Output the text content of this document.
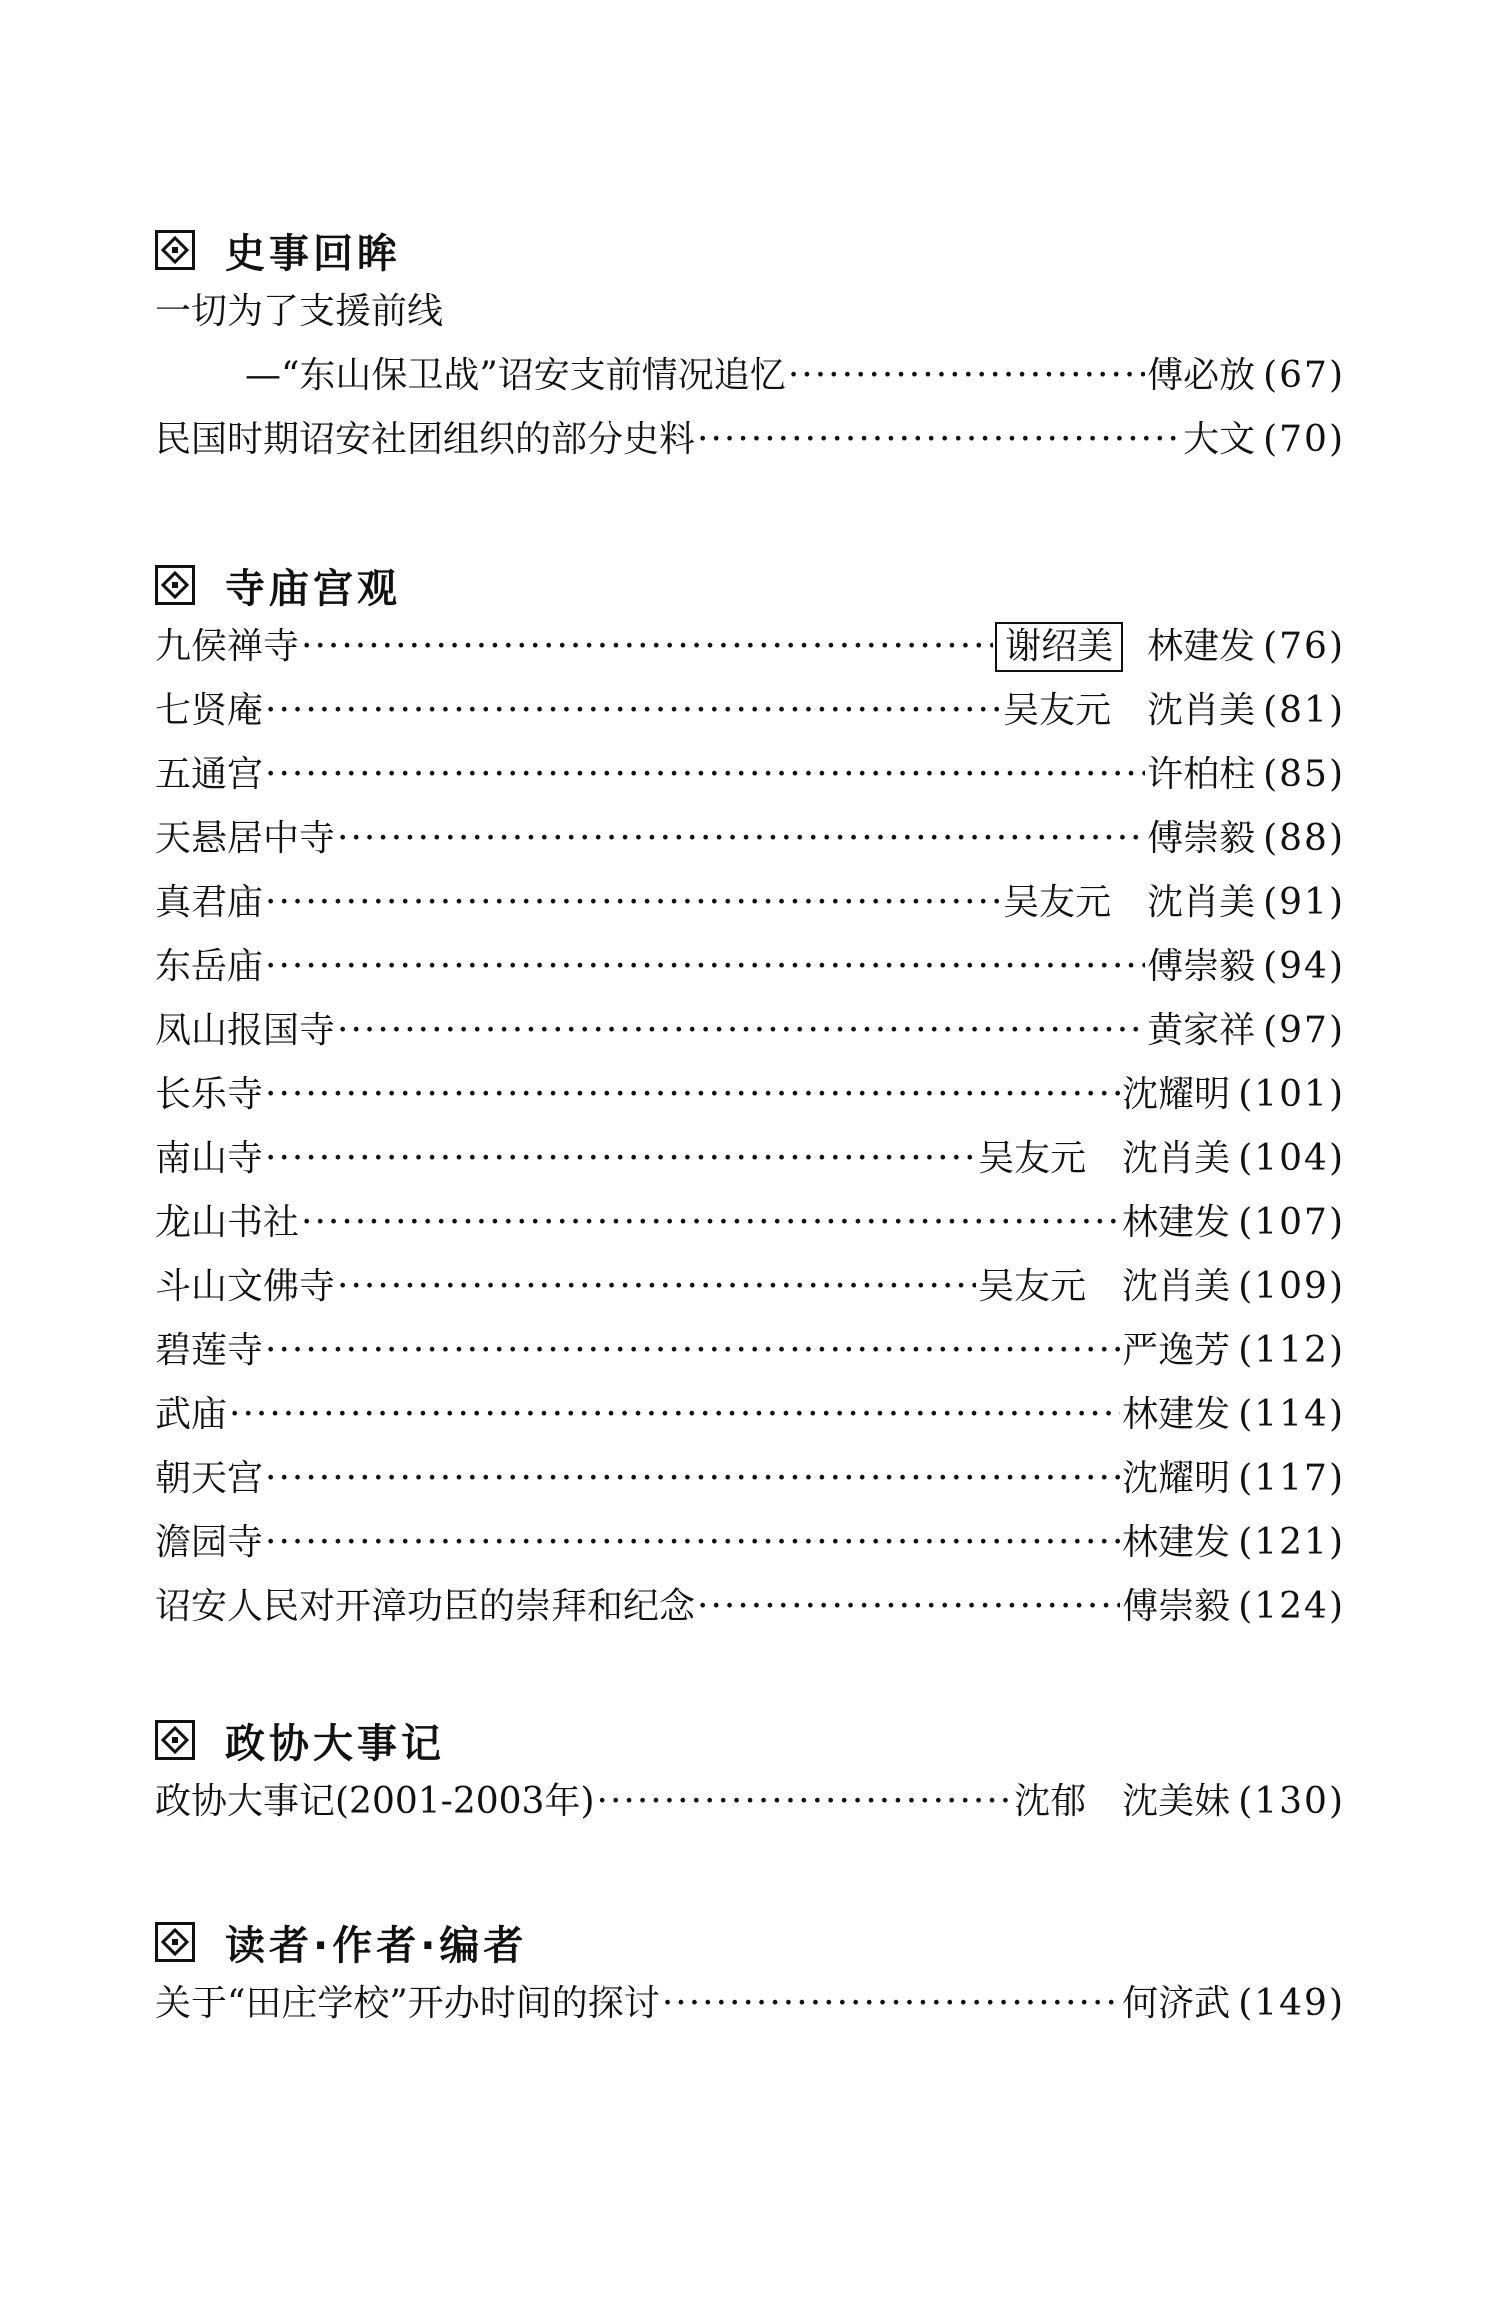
史事回眸
一切为了支援前线
—“东山保卫战”诏安支前情况追忆 ·····	傅必放 (67)
民国时期诏安社团组织的部分史料 ·····	大文 (70)
寺庙宫观
九侯禅寺 ·····	谢绍美 林建发 (76)
七贤庵 ·····	吴友元 沈肖美 (81)
五通宫 ·····	许柏柱 (85)
天悬居中寺 ·····	傅崇毅 (88)
真君庙 ·····	吴友元 沈肖美 (91)
东岳庙 ·····	傅崇毅 (94)
凤山报国寺 ·····	黄家祥 (97)
长乐寺 ·····	沈耀明 (101)
南山寺 ·····	吴友元 沈肖美 (104)
龙山书社 ·····	林建发 (107)
斗山文佛寺 ·····	吴友元 沈肖美 (109)
碧莲寺 ·····	严逸芳 (112)
武庙 ·····	林建发 (114)
朝天宫 ·····	沈耀明 (117)
澹园寺 ·····	林建发 (121)
诏安人民对开漳功臣的崇拜和纪念 ·····	傅崇毅 (124)
政协大事记
政协大事记(2001-2003年) ·····	沈郁 沈美妹 (130)
读者·作者·编者
关于“田庄学校”开办时间的探讨 ·····	何济武 (149)
